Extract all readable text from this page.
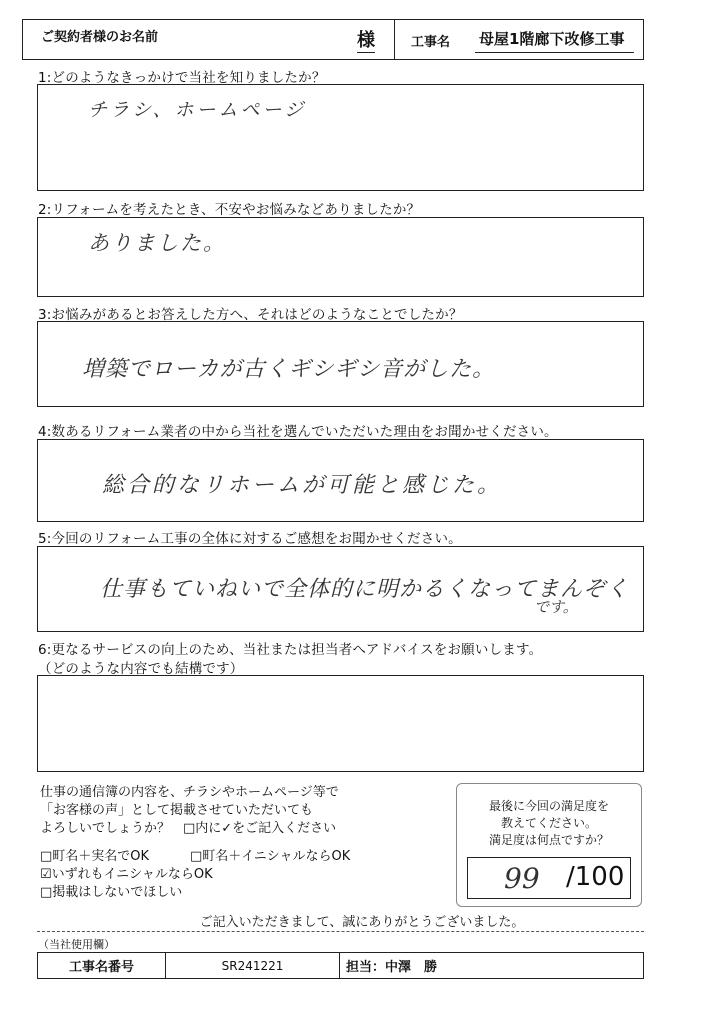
ご契約者様のお名前	様	工事名 母屋1階廊下改修工事
1:どのようなきっかけで当社を知りましたか？
チラシ、ホームページ
2:リフォームを考えたとき、不安やお悩みなどありましたか？
ありました。
3:お悩みがあるとお答えした方へ、それはどのようなことでしたか？
増築でローカが古くギシギシ音がした。
4:数あるリフォーム業者の中から当社を選んでいただいた理由をお聞かせください。
総合的なリホームが可能と感じた。
5:今回のリフォーム工事の全体に対するご感想をお聞かせください。
仕事もていねいで全体的に明かるくなってまんぞく
です。
6:更なるサービスの向上のため、当社または担当者へアドバイスをお願いします。
（どのような内容でも結構です）
仕事の通信簿の内容を、チラシやホームページ等で
「お客様の声」として掲載させていただいても
よろしいでしょうか？　□内に✓をご記入ください
□町名＋実名でOK	□町名＋イニシャルならOK
☑いずれもイニシャルならOK
□掲載はしないでほしい
最後に今回の満足度を
教えてください。
満足度は何点ですか？
99 /100
ご記入いただきまして、誠にありがとうございました。
（当社使用欄）
工事名番号	SR241221	担当：中澤　勝
